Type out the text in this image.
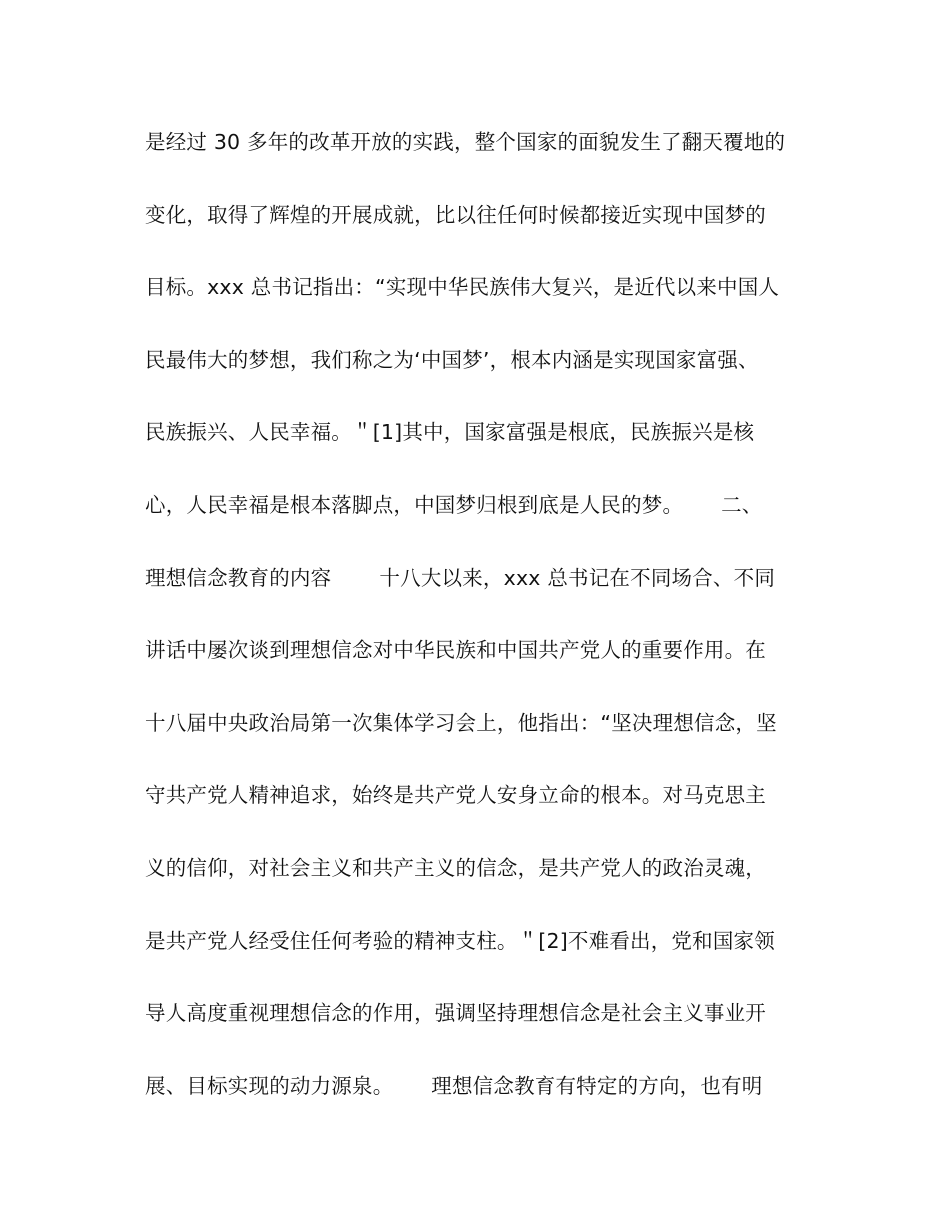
是经过 30 多年的改革开放的实践，整个国家的面貌发生了翻天覆地的
变化，取得了辉煌的开展成就，比以往任何时候都接近实现中国梦的
目标。xxx 总书记指出：“实现中华民族伟大复兴，是近代以来中国人
民最伟大的梦想，我们称之为‘中国梦’，根本内涵是实现国家富强、
民族振兴、人民幸福。＂[1]其中，国家富强是根底，民族振兴是核
心，人民幸福是根本落脚点，中国梦归根到底是人民的梦。　　 二、
理想信念教育的内容　　 十八大以来，xxx 总书记在不同场合、不同
讲话中屡次谈到理想信念对中华民族和中国共产党人的重要作用。在
十八届中央政治局第一次集体学习会上，他指出：“坚决理想信念，坚
守共产党人精神追求，始终是共产党人安身立命的根本。对马克思主
义的信仰，对社会主义和共产主义的信念，是共产党人的政治灵魂，
是共产党人经受住任何考验的精神支柱。＂[2]不难看出，党和国家领
导人高度重视理想信念的作用，强调坚持理想信念是社会主义事业开
展、目标实现的动力源泉。　　 理想信念教育有特定的方向，也有明
